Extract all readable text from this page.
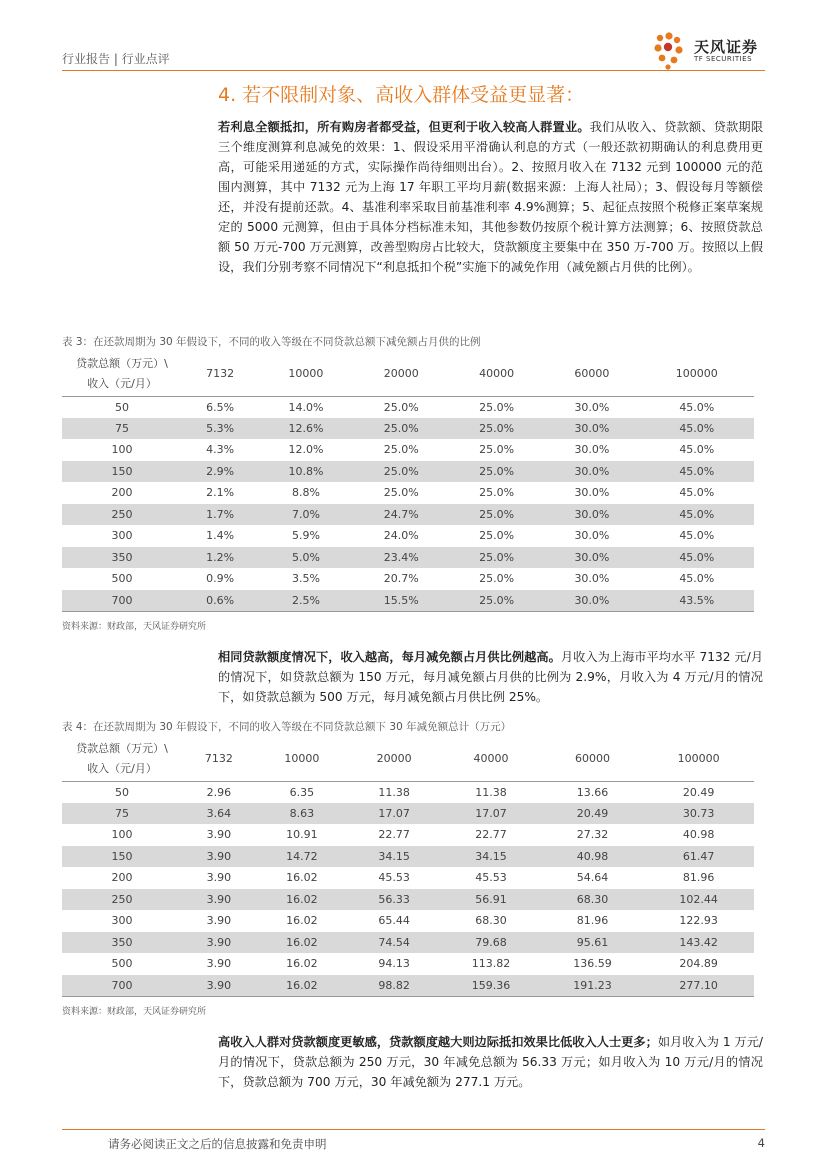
行业报告 | 行业点评
天风证券
TF SECURITIES
4. 若不限制对象、高收入群体受益更显著：
若利息全额抵扣，所有购房者都受益，但更利于收入较高人群置业。我们从收入、贷款额、贷款期限三个维度测算利息减免的效果：1、假设采用平滑确认利息的方式（一般还款初期确认的利息费用更高，可能采用递延的方式，实际操作尚待细则出台）。2、按照月收入在 7132 元到 100000 元的范围内测算，其中 7132 元为上海 17 年职工平均月薪(数据来源：上海人社局）；3、假设每月等额偿还，并没有提前还款。4、基准利率采取目前基准利率 4.9%测算；5、起征点按照个税修正案草案规定的 5000 元测算，但由于具体分档标准未知，其他参数仍按原个税计算方法测算；6、按照贷款总额 50 万元-700 万元测算，改善型购房占比较大，贷款额度主要集中在 350 万-700 万。按照以上假设，我们分别考察不同情况下“利息抵扣个税”实施下的减免作用（减免额占月供的比例）。
表 3：在还款周期为 30 年假设下，不同的收入等级在不同贷款总额下减免额占月供的比例
贷款总额（万元）\
收入（元/月）	7132	10000	20000	40000	60000	100000
50	6.5%	14.0%	25.0%	25.0%	30.0%	45.0%
75	5.3%	12.6%	25.0%	25.0%	30.0%	45.0%
100	4.3%	12.0%	25.0%	25.0%	30.0%	45.0%
150	2.9%	10.8%	25.0%	25.0%	30.0%	45.0%
200	2.1%	8.8%	25.0%	25.0%	30.0%	45.0%
250	1.7%	7.0%	24.7%	25.0%	30.0%	45.0%
300	1.4%	5.9%	24.0%	25.0%	30.0%	45.0%
350	1.2%	5.0%	23.4%	25.0%	30.0%	45.0%
500	0.9%	3.5%	20.7%	25.0%	30.0%	45.0%
700	0.6%	2.5%	15.5%	25.0%	30.0%	43.5%
资料来源：财政部，天风证券研究所
相同贷款额度情况下，收入越高，每月减免额占月供比例越高。月收入为上海市平均水平 7132 元/月的情况下，如贷款总额为 150 万元，每月减免额占月供的比例为 2.9%，月收入为 4 万元/月的情况下，如贷款总额为 500 万元，每月减免额占月供比例 25%。
表 4：在还款周期为 30 年假设下，不同的收入等级在不同贷款总额下 30 年减免额总计（万元）
贷款总额（万元）\
收入（元/月）	7132	10000	20000	40000	60000	100000
50	2.96	6.35	11.38	11.38	13.66	20.49
75	3.64	8.63	17.07	17.07	20.49	30.73
100	3.90	10.91	22.77	22.77	27.32	40.98
150	3.90	14.72	34.15	34.15	40.98	61.47
200	3.90	16.02	45.53	45.53	54.64	81.96
250	3.90	16.02	56.33	56.91	68.30	102.44
300	3.90	16.02	65.44	68.30	81.96	122.93
350	3.90	16.02	74.54	79.68	95.61	143.42
500	3.90	16.02	94.13	113.82	136.59	204.89
700	3.90	16.02	98.82	159.36	191.23	277.10
资料来源：财政部，天风证券研究所
高收入人群对贷款额度更敏感，贷款额度越大则边际抵扣效果比低收入人士更多；如月收入为 1 万元/月的情况下，贷款总额为 250 万元，30 年减免总额为 56.33 万元；如月收入为 10 万元/月的情况下，贷款总额为 700 万元，30 年减免额为 277.1 万元。
请务必阅读正文之后的信息披露和免责申明	4
